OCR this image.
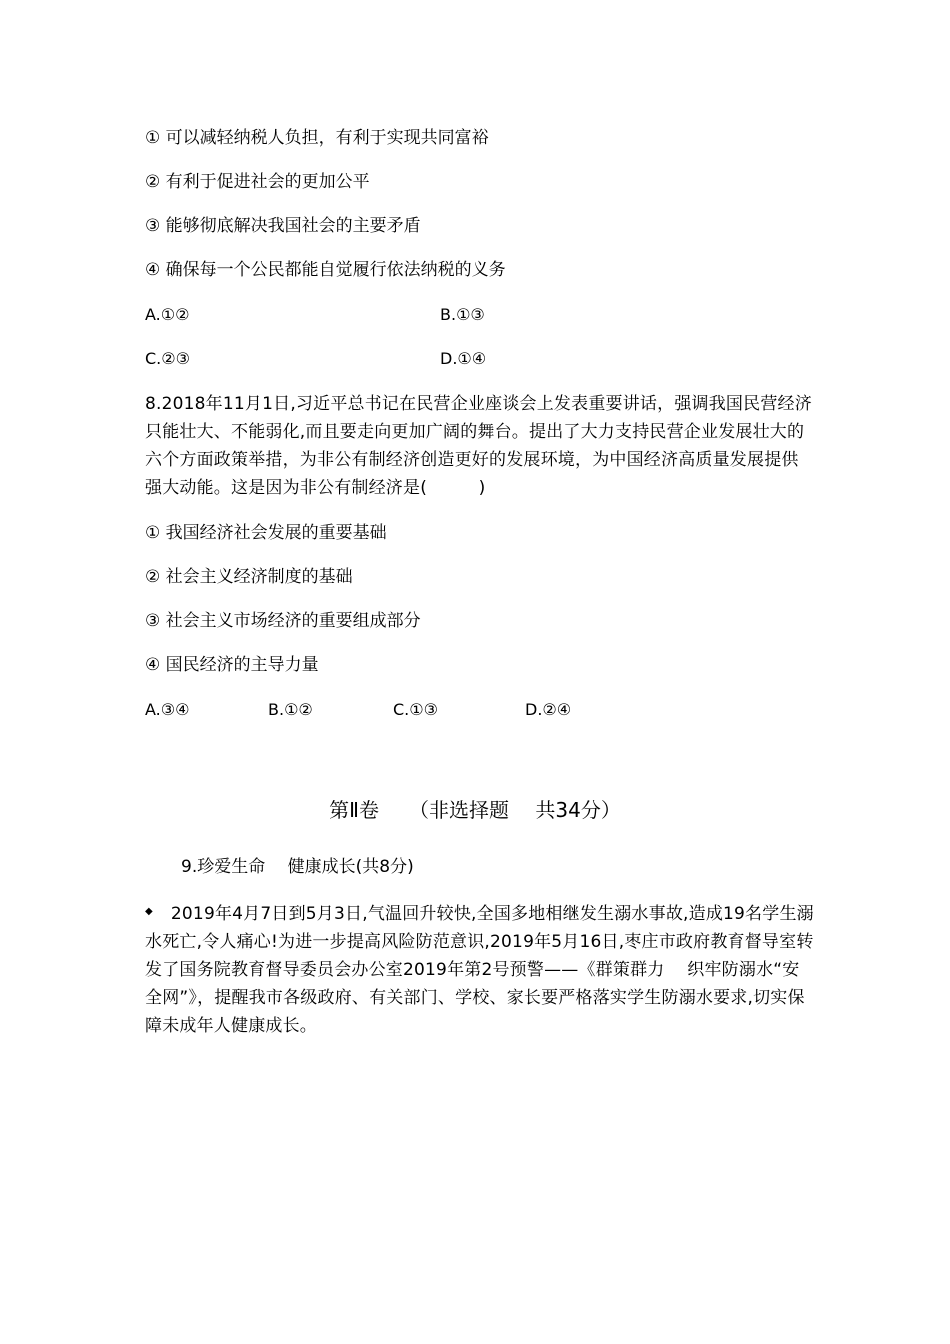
① 可以减轻纳税人负担，有利于实现共同富裕
② 有利于促进社会的更加公平
③ 能够彻底解决我国社会的主要矛盾
④ 确保每一个公民都能自觉履行依法纳税的义务
A.①②	B.①③
C.②③	D.①④
8.2018年11月1日,习近平总书记在民营企业座谈会上发表重要讲话，强调我国民营经济只能壮大、不能弱化,而且要走向更加广阔的舞台。提出了大力支持民营企业发展壮大的六个方面政策举措，为非公有制经济创造更好的发展环境，为中国经济高质量发展提供强大动能。这是因为非公有制经济是(　　　)
① 我国经济社会发展的重要基础
② 社会主义经济制度的基础
③ 社会主义市场经济的重要组成部分
④ 国民经济的主导力量
A.③④	B.①②	C.①③	D.②④
第Ⅱ卷　　（非选择题　 共34分）
9.珍爱生命　 健康成长(共8分)
◆ 2019年4月7日到5月3日,气温回升较快,全国多地相继发生溺水事故,造成19名学生溺水死亡,令人痛心!为进一步提高风险防范意识,2019年5月16日,枣庄市政府教育督导室转发了国务院教育督导委员会办公室2019年第2号预警——《群策群力　 织牢防溺水“安全网”》，提醒我市各级政府、有关部门、学校、家长要严格落实学生防溺水要求,切实保障未成年人健康成长。
